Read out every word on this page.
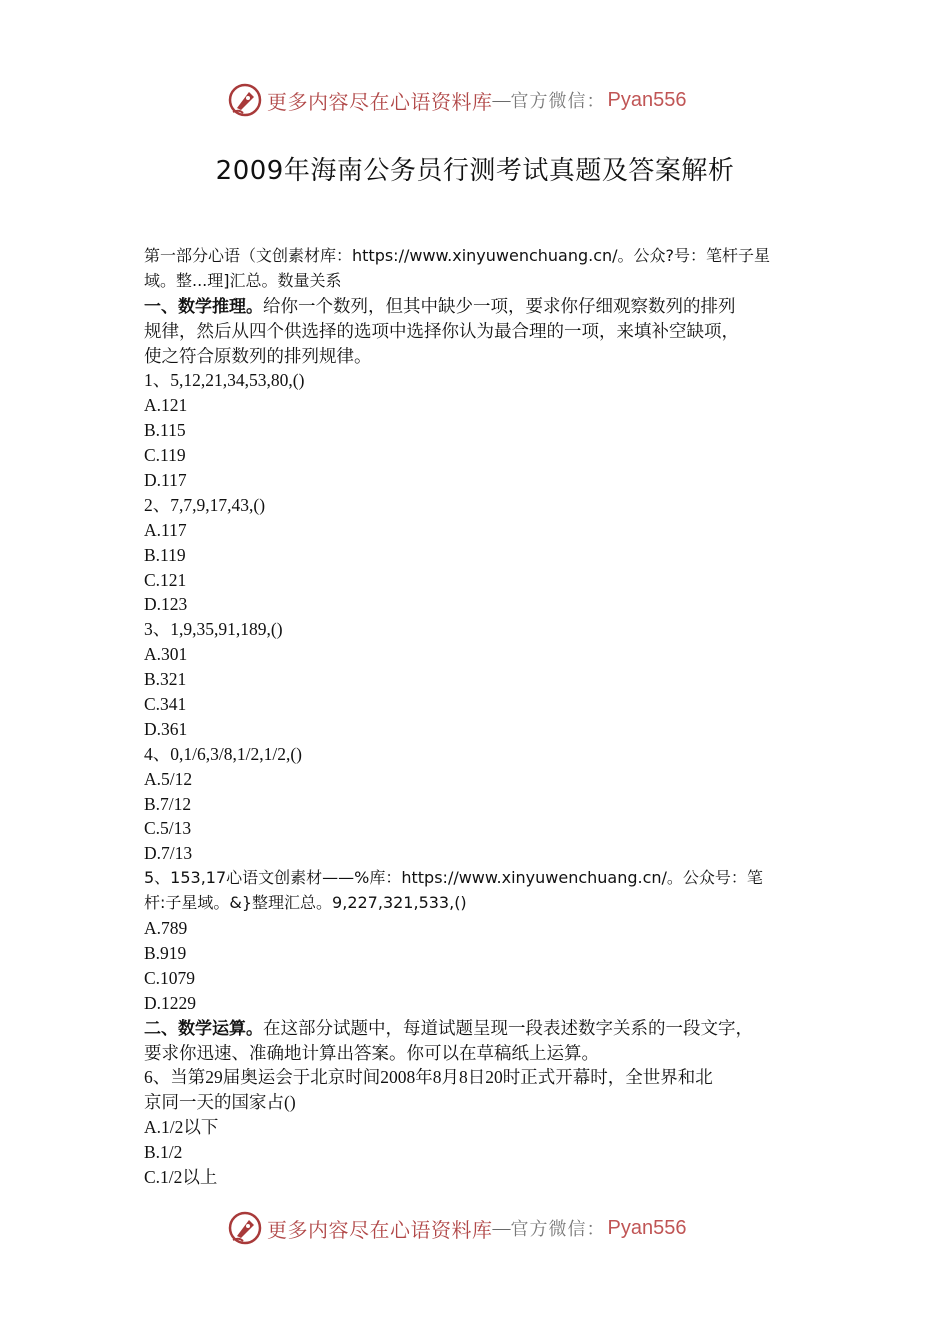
更多内容尽在心语资料库 — 官方微信： Pyan556
2009年海南公务员行测考试真题及答案解析
第一部分心语（文创素材库：https://www.xinyuwenchuang.cn/。公众?号：笔杆子星
域。整...理]汇总。数量关系
一、数学推理。给你一个数列，但其中缺少一项，要求你仔细观察数列的排列
规律，然后从四个供选择的选项中选择你认为最合理的一项，来填补空缺项，
使之符合原数列的排列规律。
1、5,12,21,34,53,80,()
A.121
B.115
C.119
D.117
2、7,7,9,17,43,()
A.117
B.119
C.121
D.123
3、1,9,35,91,189,()
A.301
B.321
C.341
D.361
4、0,1/6,3/8,1/2,1/2,()
A.5/12
B.7/12
C.5/13
D.7/13
5、153,17心语文创素材——%库：https://www.xinyuwenchuang.cn/。公众号：笔
杆:子星域。&}整理汇总。9,227,321,533,()
A.789
B.919
C.1079
D.1229
二、数学运算。在这部分试题中，每道试题呈现一段表述数字关系的一段文字，
要求你迅速、准确地计算出答案。你可以在草稿纸上运算。
6、当第29届奥运会于北京时间2008年8月8日20时正式开幕时，全世界和北
京同一天的国家占()
A.1/2以下
B.1/2
C.1/2以上
更多内容尽在心语资料库 — 官方微信： Pyan556
